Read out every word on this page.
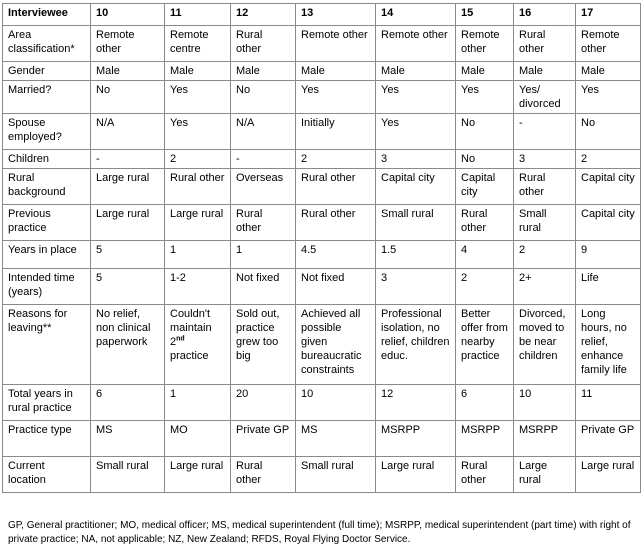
Interviewee	10	11	12	13	14	15	16	17
Area classification*	Remote other	Remote centre	Rural other	Remote other	Remote other	Remote other	Rural other	Remote other
Gender	Male	Male	Male	Male	Male	Male	Male	Male
Married?	No	Yes	No	Yes	Yes	Yes	Yes/ divorced	Yes
Spouse employed?	N/A	Yes	N/A	Initially	Yes	No	-	No
Children	-	2	-	2	3	No	3	2
Rural background	Large rural	Rural other	Overseas	Rural other	Capital city	Capital city	Rural other	Capital city
Previous practice	Large rural	Large rural	Rural other	Rural other	Small rural	Rural other	Small rural	Capital city
Years in place	5	1	1	4.5	1.5	4	2	9
Intended time (years)	5	1-2	Not fixed	Not fixed	3	2	2+	Life
Reasons for leaving**	No relief, non clinical paperwork	Couldn't maintain 2nd practice	Sold out, practice grew too big	Achieved all possible given bureaucratic constraints	Professional isolation, no relief, children educ.	Better offer from nearby practice	Divorced, moved to be near children	Long hours, no relief, enhance family life
Total years in rural practice	6	1	20	10	12	6	10	11
Practice type	MS	MO	Private GP	MS	MSRPP	MSRPP	MSRPP	Private GP
Current location	Small rural	Large rural	Rural other	Small rural	Large rural	Rural other	Large rural	Large rural
GP, General practitioner; MO, medical officer; MS, medical superintendent (full time); MSRPP, medical superintendent (part time) with right of private practice; NA, not applicable; NZ, New Zealand; RFDS, Royal Flying Doctor Service.
